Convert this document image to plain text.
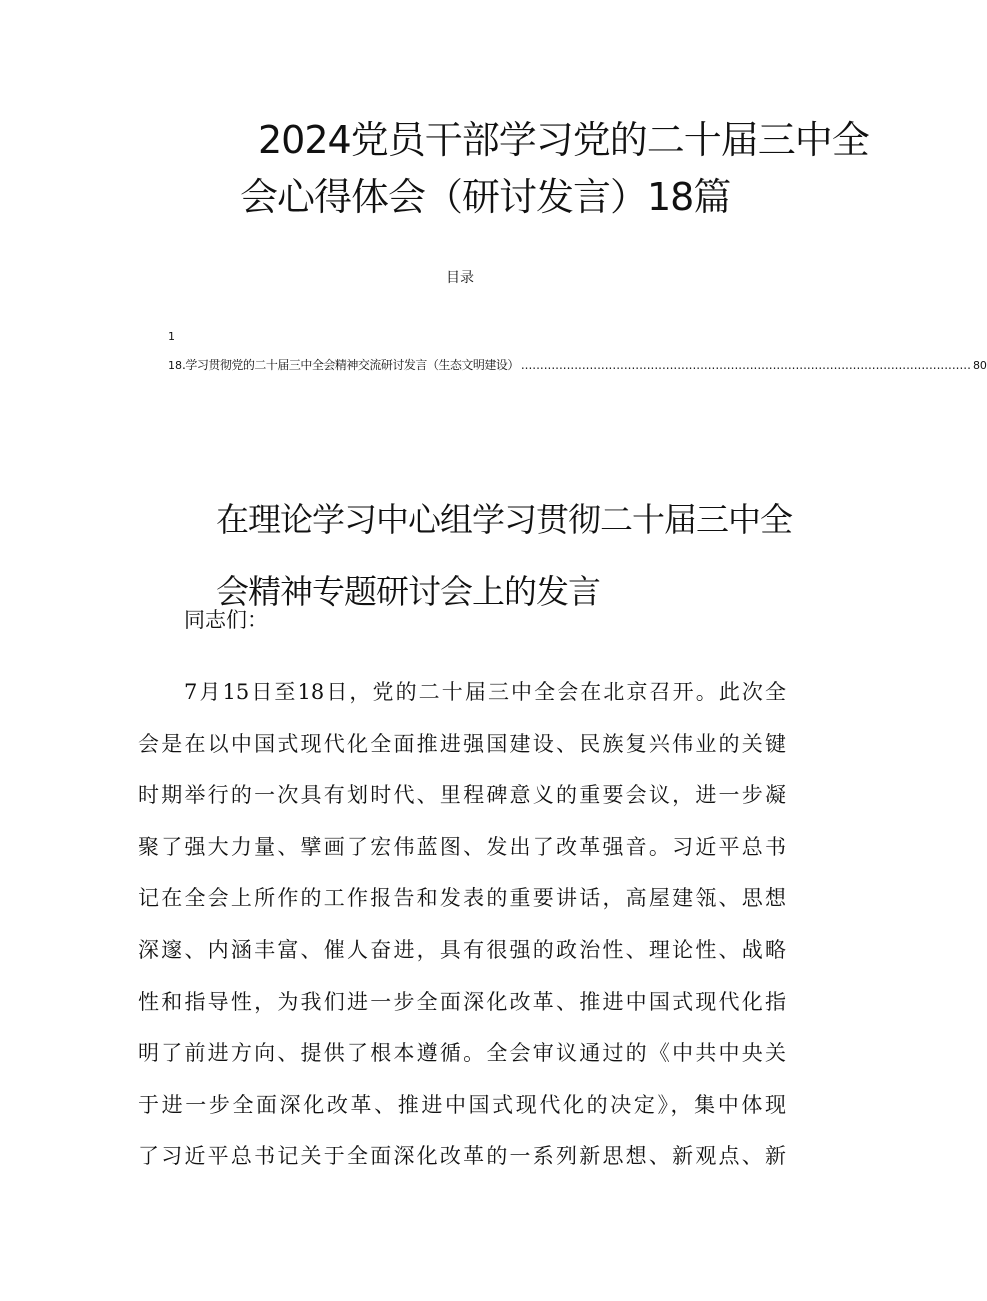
2024党员干部学习党的二十届三中全
会心得体会（研讨发言）18篇
目录
1
18 .学习贯彻党的二十届三中全会精神交流研讨发言（生态文明建设） ...................................................................................................................... 80
在理论学习中心组学习贯彻二十届三中全
会精神专题研讨会上的发言

同志们：

7月15日至18日，党的二十届三中全会在北京召开。此次全
会是在以中国式现代化全面推进强国建设、民族复兴伟业的关键
时期举行的一次具有划时代、里程碑意义的重要会议，进一步凝
聚了强大力量、擘画了宏伟蓝图、发出了改革强音。习近平总书
记在全会上所作的工作报告和发表的重要讲话，高屋建瓴、思想
深邃、内涵丰富、催人奋进，具有很强的政治性、理论性、战略
性和指导性，为我们进一步全面深化改革、推进中国式现代化指
明了前进方向、提供了根本遵循。全会审议通过的《中共中央关
于进一步全面深化改革、推进中国式现代化的决定》，集中体现
了习近平总书记关于全面深化改革的一系列新思想、新观点、新
